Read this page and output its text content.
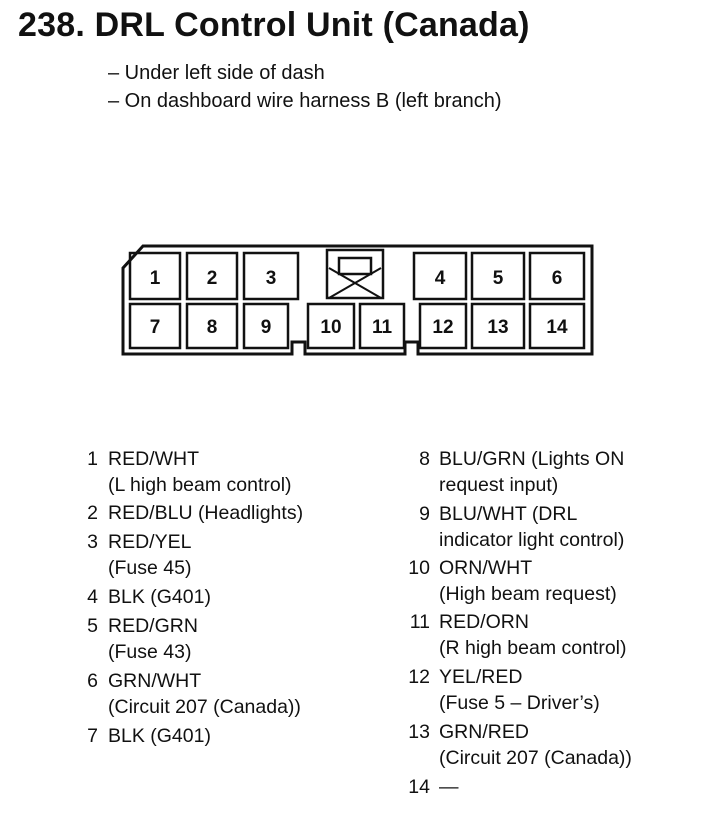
238. DRL Control Unit (Canada)
– Under left side of dash
– On dashboard wire harness B (left branch)
1 2	3	4 5	6
7 8 9	10 11 12 13 14
1 RED/WHT
(L high beam control)
2 RED/BLU (Headlights)
3 RED/YEL
(Fuse 45)
4 BLK (G401)
5 RED/GRN
(Fuse 43)
6 GRN/WHT
(Circuit 207 (Canada))
7 BLK (G401)
8 BLU/GRN (Lights ON
request input)
9 BLU/WHT (DRL
indicator light control)
10 ORN/WHT
(High beam request)
11 RED/ORN
(R high beam control)
12 YEL/RED
(Fuse 5 – Driver’s)
13 GRN/RED
(Circuit 207 (Canada))
14 —
